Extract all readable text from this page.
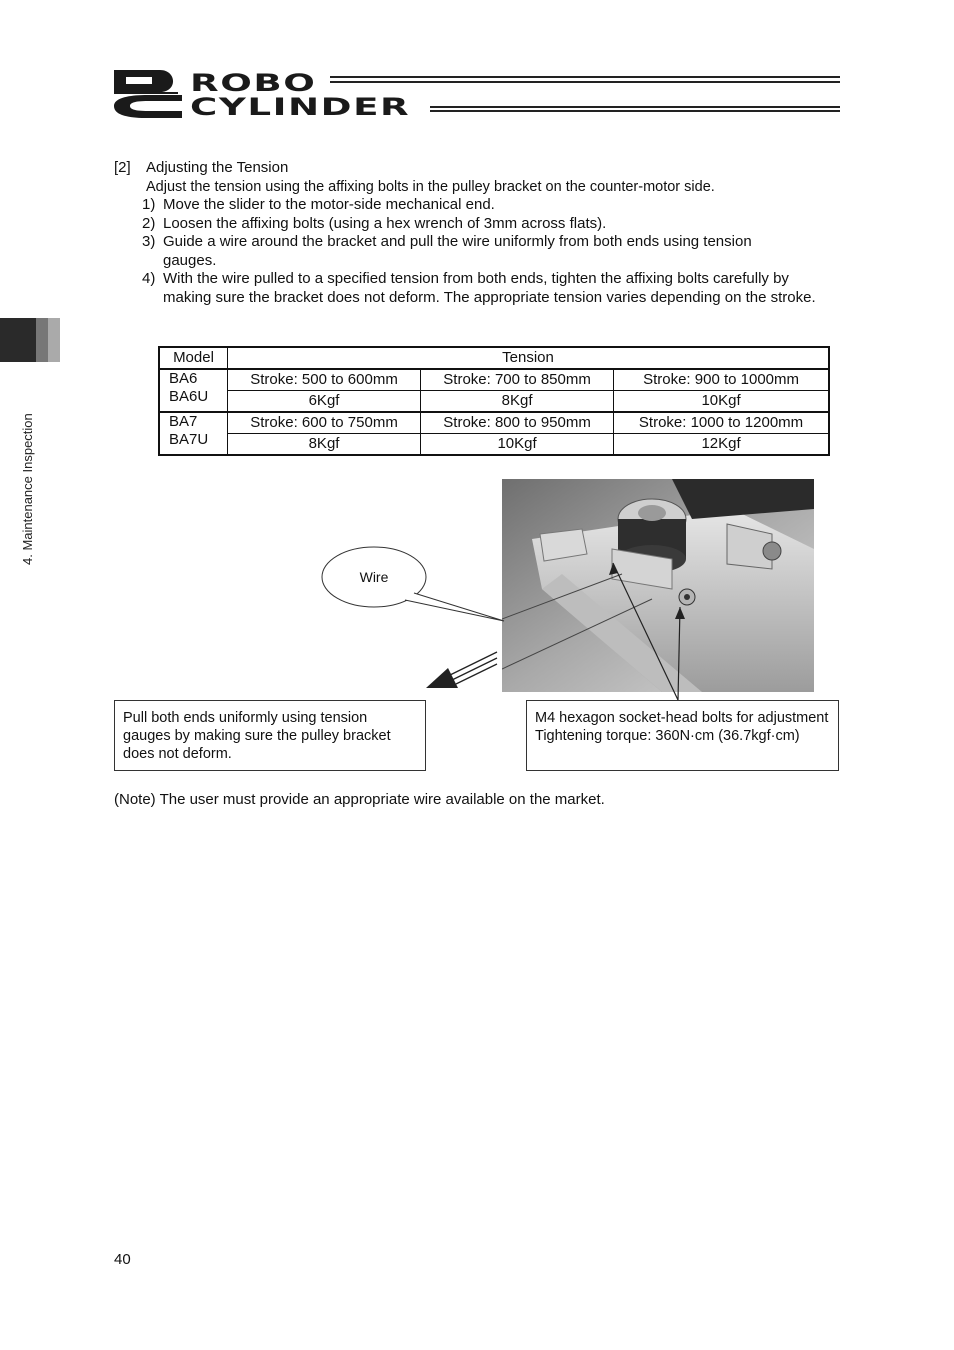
ROBO
CYLINDER
4. Maintenance Inspection
[2] Adjusting the Tension
Adjust the tension using the affixing bolts in the pulley bracket on the counter-motor side.
1) Move the slider to the motor-side mechanical end.
2) Loosen the affixing bolts (using a hex wrench of 3mm across flats).
3) Guide a wire around the bracket and pull the wire uniformly from both ends using tension gauges.
4) With the wire pulled to a specified tension from both ends, tighten the affixing bolts carefully by making sure the bracket does not deform. The appropriate tension varies depending on the stroke.
Model	Tension		

BA6
BA6U	Stroke: 500 to 600mm	Stroke: 700 to 850mm	Stroke: 900 to 1000mm
	6Kgf	8Kgf	10Kgf

BA7
BA7U	Stroke: 600 to 750mm	Stroke: 800 to 950mm	Stroke: 1000 to 1200mm
	8Kgf	10Kgf	12Kgf
Wire
Pull both ends uniformly using tension gauges by making sure the pulley bracket does not deform.
M4 hexagon socket-head bolts for adjustment
Tightening torque: 360N·cm (36.7kgf·cm)
(Note) The user must provide an appropriate wire available on the market.
40
